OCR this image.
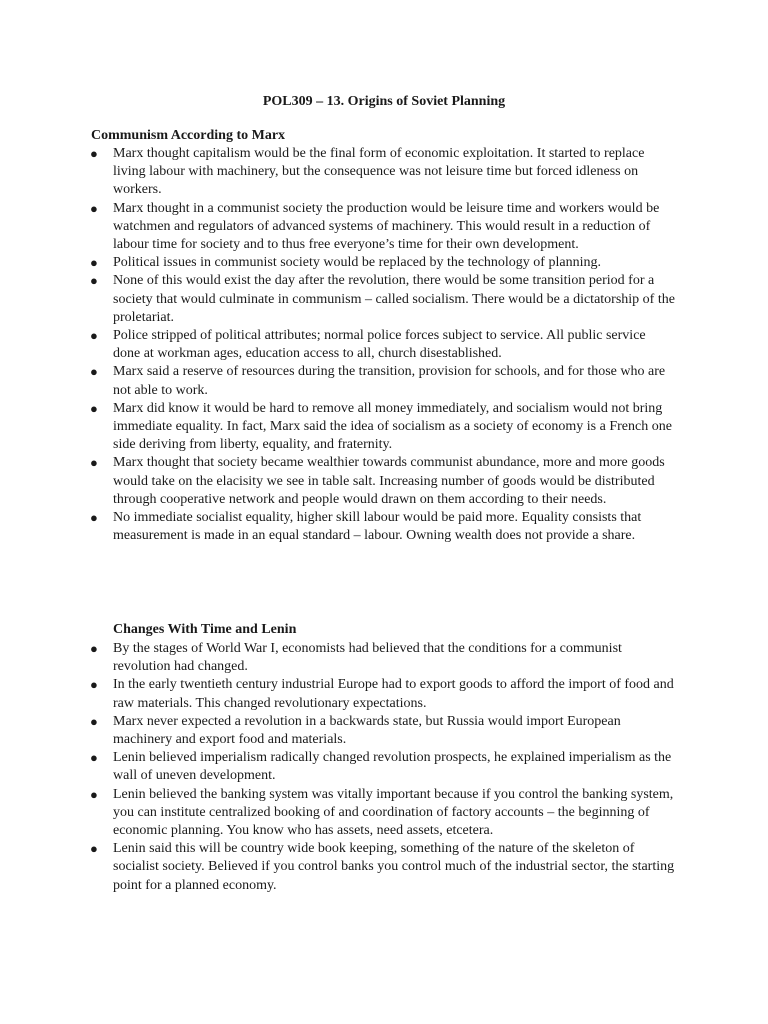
POL309 – 13. Origins of Soviet Planning
Communism According to Marx
● Marx thought capitalism would be the final form of economic exploitation. It started to replace living labour with machinery, but the consequence was not leisure time but forced idleness on workers.
● Marx thought in a communist society the production would be leisure time and workers would be watchmen and regulators of advanced systems of machinery. This would result in a reduction of labour time for society and to thus free everyone’s time for their own development.
● Political issues in communist society would be replaced by the technology of planning.
● None of this would exist the day after the revolution, there would be some transition period for a society that would culminate in communism – called socialism. There would be a dictatorship of the proletariat.
● Police stripped of political attributes; normal police forces subject to service. All public service done at workman ages, education access to all, church disestablished.
● Marx said a reserve of resources during the transition, provision for schools, and for those who are not able to work.
● Marx did know it would be hard to remove all money immediately, and socialism would not bring immediate equality. In fact, Marx said the idea of socialism as a society of economy is a French one side deriving from liberty, equality, and fraternity.
● Marx thought that society became wealthier towards communist abundance, more and more goods would take on the elacisity we see in table salt. Increasing number of goods would be distributed through cooperative network and people would drawn on them according to their needs.
● No immediate socialist equality, higher skill labour would be paid more. Equality consists that measurement is made in an equal standard – labour. Owning wealth does not provide a share.
Changes With Time and Lenin
● By the stages of World War I, economists had believed that the conditions for a communist revolution had changed.
● In the early twentieth century industrial Europe had to export goods to afford the import of food and raw materials. This changed revolutionary expectations.
● Marx never expected a revolution in a backwards state, but Russia would import European machinery and export food and materials.
● Lenin believed imperialism radically changed revolution prospects, he explained imperialism as the wall of uneven development.
● Lenin believed the banking system was vitally important because if you control the banking system, you can institute centralized booking of and coordination of factory accounts – the beginning of economic planning. You know who has assets, need assets, etcetera.
● Lenin said this will be country wide book keeping, something of the nature of the skeleton of socialist society. Believed if you control banks you control much of the industrial sector, the starting point for a planned economy.
